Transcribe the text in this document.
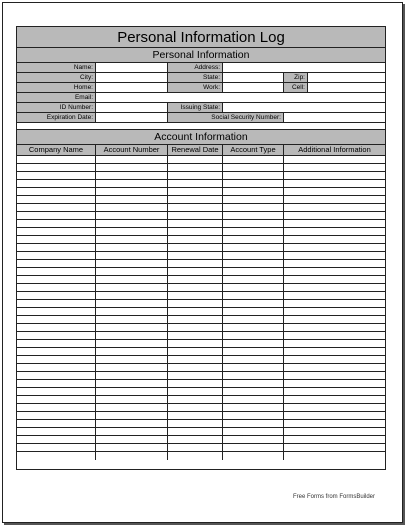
Personal Information Log
Personal Information
Name:	Address:
City:	State:	Zip:
Home:	Work:	Cell:
Email:
ID Number:	Issuing State:
Expiration Date:	Social Security Number:
Account Information
Company Name	Account Number	Renewal Date	Account Type	Additional Information
Free Forms from FormsBuilder
